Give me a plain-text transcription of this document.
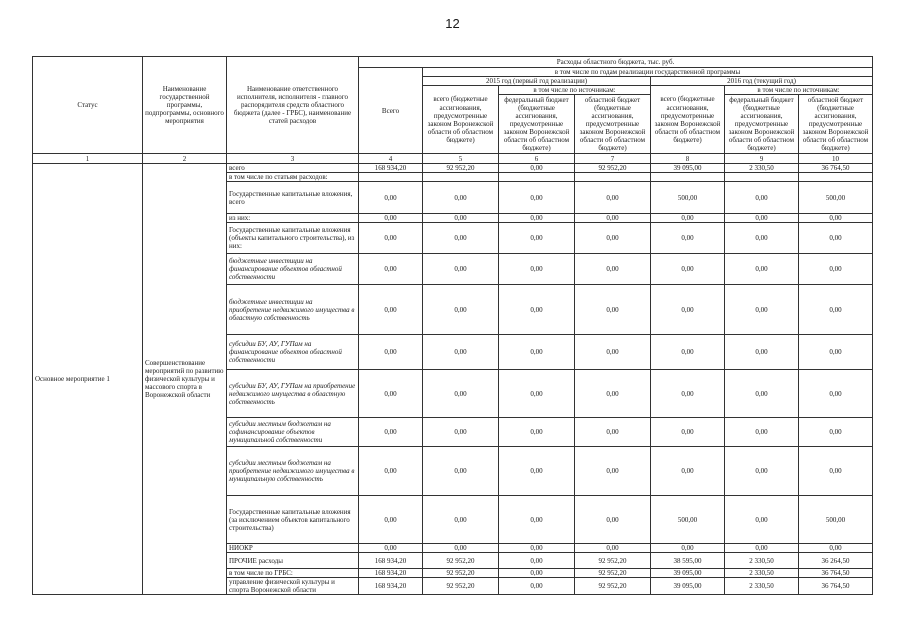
12
Статус	Наименование государственной программы, подпрограммы, основного мероприятия	Наименование ответственного исполнителя, исполнителя - главного распорядителя средств областного бюджета (далее - ГРБС), наименование статей расходов	Расходы областного бюджета, тыс. руб.						
			Всего	в том числе по годам реализации государственной программы					
				2015 год (первый год реализации)			2016 год (текущий год)		
				всего (бюджетные ассигнования, предусмотренные законом Воронежской области об областном бюджете)	в том числе по источникам:		всего (бюджетные ассигнования, предусмотренные законом Воронежской области об областном бюджете)	в том числе по источникам:	
					федеральный бюджет (бюджетные ассигнования, предусмотренные законом Воронежской области об областном бюджете)	областной бюджет (бюджетные ассигнования, предусмотренные законом Воронежской области об областном бюджете)		федеральный бюджет (бюджетные ассигнования, предусмотренные законом Воронежской области об областном бюджете)	областной бюджет (бюджетные ассигнования, предусмотренные законом Воронежской области об областном бюджете)

1	2	3	4	5	6	7	8	9	10
Основное мероприятие 1	Совершенствование мероприятий по развитию физической культуры и массового спорта в Воронежской области	всего	168 934,20	92 952,20	0,00	92 952,20	39 095,00	2 330,50	36 764,50
		в том числе по статьям расходов:							
		Государственные капитальные вложения, всего	0,00	0,00	0,00	0,00	500,00	0,00	500,00
		из них:	0,00	0,00	0,00	0,00	0,00	0,00	0,00
		Государственные капитальные вложения (объекты капитального строительства), из них:	0,00	0,00	0,00	0,00	0,00	0,00	0,00
		бюджетные инвестиции на финансирование объектов областной собственности	0,00	0,00	0,00	0,00	0,00	0,00	0,00
		бюджетные инвестиции на приобретение недвижимого имущества в областную собственность	0,00	0,00	0,00	0,00	0,00	0,00	0,00
		субсидии БУ, АУ, ГУПам на финансирование объектов областной собственности	0,00	0,00	0,00	0,00	0,00	0,00	0,00
		субсидии БУ, АУ, ГУПам на приобретение недвижимого имущества в областную собственность	0,00	0,00	0,00	0,00	0,00	0,00	0,00
		субсидии местным бюджетам на софинансирование объектов муниципальной собственности	0,00	0,00	0,00	0,00	0,00	0,00	0,00
		субсидии местным бюджетам на приобретение недвижимого имущества в муниципальную собственность	0,00	0,00	0,00	0,00	0,00	0,00	0,00
		Государственные капитальные вложения (за исключением объектов капитального строительства)	0,00	0,00	0,00	0,00	500,00	0,00	500,00
		НИОКР	0,00	0,00	0,00	0,00	0,00	0,00	0,00
		ПРОЧИЕ расходы	168 934,20	92 952,20	0,00	92 952,20	38 595,00	2 330,50	36 264,50
		в том числе по ГРБС:	168 934,20	92 952,20	0,00	92 952,20	39 095,00	2 330,50	36 764,50
		управление физической культуры и спорта Воронежской области	168 934,20	92 952,20	0,00	92 952,20	39 095,00	2 330,50	36 764,50
